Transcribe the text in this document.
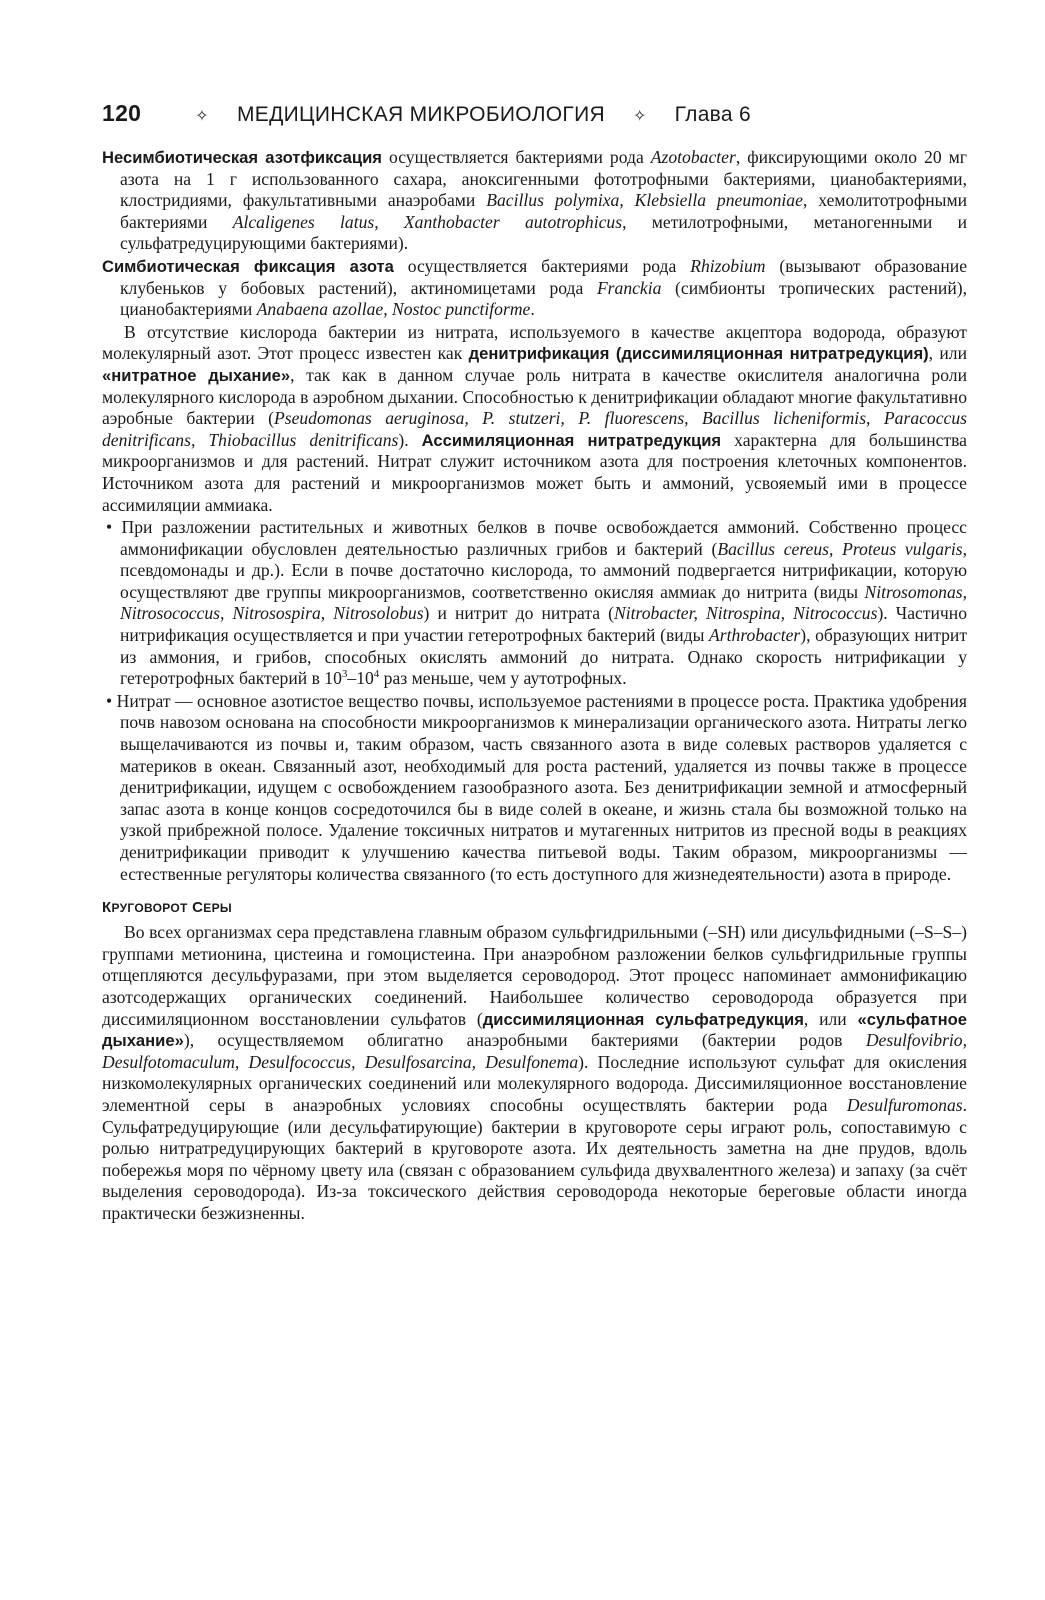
120	✧ МЕДИЦИНСКАЯ МИКРОБИОЛОГИЯ ✧ Глава 6

Несимбиотическая азотфиксация осуществляется бактериями рода Azotobacter, фиксирующими около 20 мг азота на 1 г использованного сахара, аноксигенными фототрофными бактериями, цианобактериями, клостридиями, факультативными анаэробами Bacillus polymixa, Klebsiella pneumoniae, хемолитотрофными бактериями Alcaligenes latus, Xanthobacter autotrophicus, метилотрофными, метаногенными и сульфатредуцирующими бактериями).

Симбиотическая фиксация азота осуществляется бактериями рода Rhizobium (вызывают образование клубеньков у бобовых растений), актиномицетами рода Franckia (симбионты тропических растений), цианобактериями Anabaena azollae, Nostoc punctiforme.

В отсутствие кислорода бактерии из нитрата, используемого в качестве акцептора водорода, образуют молекулярный азот. Этот процесс известен как денитрификация (диссимиляционная нитратредукция), или «нитратное дыхание», так как в данном случае роль нитрата в качестве окислителя аналогична роли молекулярного кислорода в аэробном дыхании. Способностью к денитрификации обладают многие факультативно аэробные бактерии (Pseudomonas aeruginosa, P. stutzeri, P. fluorescens, Bacillus licheniformis, Paracoccus denitrificans, Thiobacillus denitrificans). Ассимиляционная нитратредукция характерна для большинства микроорганизмов и для растений. Нитрат служит источником азота для построения клеточных компонентов. Источником азота для растений и микроорганизмов может быть и аммоний, усвояемый ими в процессе ассимиляции аммиака.

• При разложении растительных и животных белков в почве освобождается аммоний. Собственно процесс аммонификации обусловлен деятельностью различных грибов и бактерий (Bacillus cereus, Proteus vulgaris, псевдомонады и др.). Если в почве достаточно кислорода, то аммоний подвергается нитрификации, которую осуществляют две группы микроорганизмов, соответственно окисляя аммиак до нитрита (виды Nitrosomonas, Nitrosococcus, Nitrosospira, Nitrosolobus) и нитрит до нитрата (Nitrobacter, Nitrospina, Nitrococcus). Частично нитрификация осуществляется и при участии гетеротрофных бактерий (виды Arthrobacter), образующих нитрит из аммония, и грибов, способных окислять аммоний до нитрата. Однако скорость нитрификации у гетеротрофных бактерий в $10^3-10^4$ раз меньше, чем у аутотрофных.

• Нитрат — основное азотистое вещество почвы, используемое растениями в процессе роста. Практика удобрения почв навозом основана на способности микроорганизмов к минерализации органического азота. Нитраты легко выщелачиваются из почвы и, таким образом, часть связанного азота в виде солевых растворов удаляется с материков в океан. Связанный азот, необходимый для роста растений, удаляется из почвы также в процессе денитрификации, идущем с освобождением газообразного азота. Без денитрификации земной и атмосферный запас азота в конце концов сосредоточился бы в виде солей в океане, и жизнь стала бы возможной только на узкой прибрежной полосе. Удаление токсичных нитратов и мутагенных нитритов из пресной воды в реакциях денитрификации приводит к улучшению качества питьевой воды. Таким образом, микроорганизмы — естественные регуляторы количества связанного (то есть доступного для жизнедеятельности) азота в природе.

КРУГОВОРОТ СЕРЫ

Во всех организмах сера представлена главным образом сульфгидрильными (–SH) или дисульфидными (–S–S–) группами метионина, цистеина и гомоцистеина. При анаэробном разложении белков сульфгидрильные группы отщепляются десульфуразами, при этом выделяется сероводород. Этот процесс напоминает аммонификацию азотсодержащих органических соединений. Наибольшее количество сероводорода образуется при диссимиляционном восстановлении сульфатов (диссимиляционная сульфатредукция, или «сульфатное дыхание»), осуществляемом облигатно анаэробными бактериями (бактерии родов Desulfovibrio, Desulfotomaculum, Desulfococcus, Desulfosarcina, Desulfonema). Последние используют сульфат для окисления низкомолекулярных органических соединений или молекулярного водорода. Диссимиляционное восстановление элементной серы в анаэробных условиях способны осуществлять бактерии рода Desulfuromonas. Сульфатредуцирующие (или десульфатирующие) бактерии в круговороте серы играют роль, сопоставимую с ролью нитратредуцирующих бактерий в круговороте азота. Их деятельность заметна на дне прудов, вдоль побережья моря по чёрному цвету ила (связан с образованием сульфида двухвалентного железа) и запаху (за счёт выделения сероводорода). Из-за токсического действия сероводорода некоторые береговые области иногда практически безжизненны.
